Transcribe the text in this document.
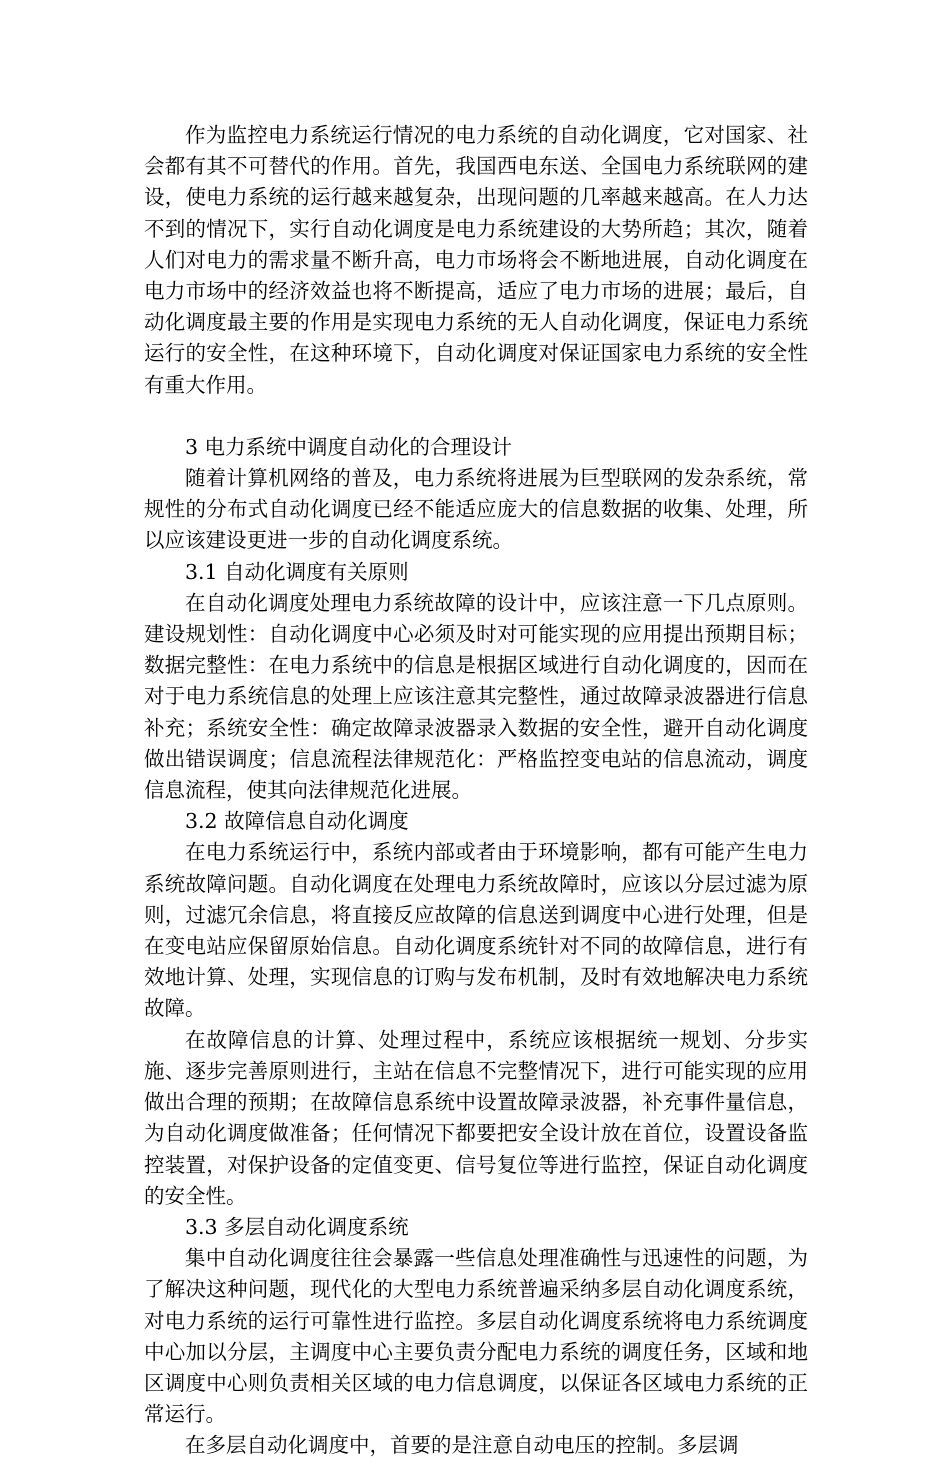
作为监控电力系统运行情况的电力系统的自动化调度，它对国家、社会都有其不可替代的作用。首先，我国西电东送、全国电力系统联网的建设，使电力系统的运行越来越复杂，出现问题的几率越来越高。在人力达不到的情况下，实行自动化调度是电力系统建设的大势所趋；其次，随着人们对电力的需求量不断升高，电力市场将会不断地进展，自动化调度在电力市场中的经济效益也将不断提高，适应了电力市场的进展；最后，自动化调度最主要的作用是实现电力系统的无人自动化调度，保证电力系统运行的安全性，在这种环境下，自动化调度对保证国家电力系统的安全性有重大作用。

3 电力系统中调度自动化的合理设计

随着计算机网络的普及，电力系统将进展为巨型联网的发杂系统，常规性的分布式自动化调度已经不能适应庞大的信息数据的收集、处理，所以应该建设更进一步的自动化调度系统。

3.1 自动化调度有关原则

在自动化调度处理电力系统故障的设计中，应该注意一下几点原则。建设规划性：自动化调度中心必须及时对可能实现的应用提出预期目标；数据完整性：在电力系统中的信息是根据区域进行自动化调度的，因而在对于电力系统信息的处理上应该注意其完整性，通过故障录波器进行信息补充；系统安全性：确定故障录波器录入数据的安全性，避开自动化调度做出错误调度；信息流程法律规范化：严格监控变电站的信息流动，调度信息流程，使其向法律规范化进展。

3.2 故障信息自动化调度

在电力系统运行中，系统内部或者由于环境影响，都有可能产生电力系统故障问题。自动化调度在处理电力系统故障时，应该以分层过滤为原则，过滤冗余信息，将直接反应故障的信息送到调度中心进行处理，但是在变电站应保留原始信息。自动化调度系统针对不同的故障信息，进行有效地计算、处理，实现信息的订购与发布机制，及时有效地解决电力系统故障。

在故障信息的计算、处理过程中，系统应该根据统一规划、分步实施、逐步完善原则进行，主站在信息不完整情况下，进行可能实现的应用做出合理的预期；在故障信息系统中设置故障录波器，补充事件量信息，为自动化调度做准备；任何情况下都要把安全设计放在首位，设置设备监控装置，对保护设备的定值变更、信号复位等进行监控，保证自动化调度的安全性。

3.3 多层自动化调度系统

集中自动化调度往往会暴露一些信息处理准确性与迅速性的问题，为了解决这种问题，现代化的大型电力系统普遍采纳多层自动化调度系统，对电力系统的运行可靠性进行监控。多层自动化调度系统将电力系统调度中心加以分层，主调度中心主要负责分配电力系统的调度任务，区域和地区调度中心则负责相关区域的电力信息调度，以保证各区域电力系统的正常运行。

在多层自动化调度中，首要的是注意自动电压的控制。多层调
